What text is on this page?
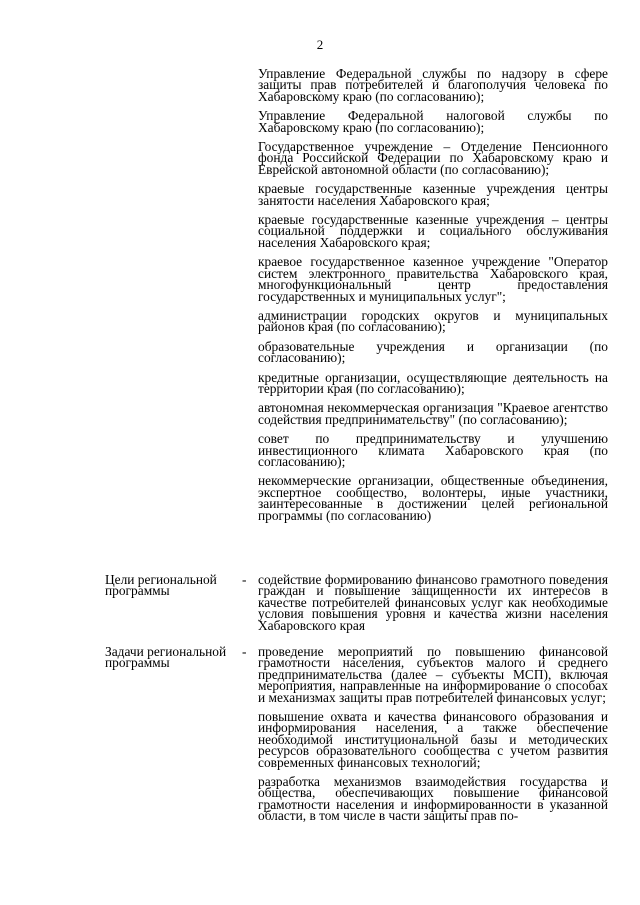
2

Управление Федеральной службы по надзору в сфере защиты прав потребителей и благополучия человека по Хабаровскому краю (по согласованию);

Управление Федеральной налоговой службы по Хабаровскому краю (по согласованию);

Государственное учреждение – Отделение Пенсионного фонда Российской Федерации по Хабаровскому краю и Еврейской автономной области (по согласованию);

краевые государственные казенные учреждения центры занятости населения Хабаровского края;

краевые государственные казенные учреждения – центры социальной поддержки и социального обслуживания населения Хабаровского края;

краевое государственное казенное учреждение "Оператор систем электронного правительства Хабаровского края, многофункциональный центр предоставления государственных и муниципальных услуг";

администрации городских округов и муниципальных районов края (по согласованию);

образовательные учреждения и организации (по согласованию);

кредитные организации, осуществляющие деятельность на территории края (по согласованию);

автономная некоммерческая организация "Краевое агентство содействия предпринимательству" (по согласованию);

совет по предпринимательству и улучшению инвестиционного климата Хабаровского края (по согласованию);

некоммерческие организации, общественные объединения, экспертное сообщество, волонтеры, иные участники, заинтересованные в достижении целей региональной программы (по согласованию)

Цели региональной программы
- содействие формированию финансово грамотного поведения граждан и повышение защищенности их интересов в качестве потребителей финансовых услуг как необходимые условия повышения уровня и качества жизни населения Хабаровского края

Задачи региональной программы
- проведение мероприятий по повышению финансовой грамотности населения, субъектов малого и среднего предпринимательства (далее – субъекты МСП), включая мероприятия, направленные на информирование о способах и механизмах защиты прав потребителей финансовых услуг;

повышение охвата и качества финансового образования и информирования населения, а также обеспечение необходимой институциональной базы и методических ресурсов образовательного сообщества с учетом развития современных финансовых технологий;

разработка механизмов взаимодействия государства и общества, обеспечивающих повышение финансовой грамотности населения и информированности в указанной области, в том числе в части защиты прав по-
